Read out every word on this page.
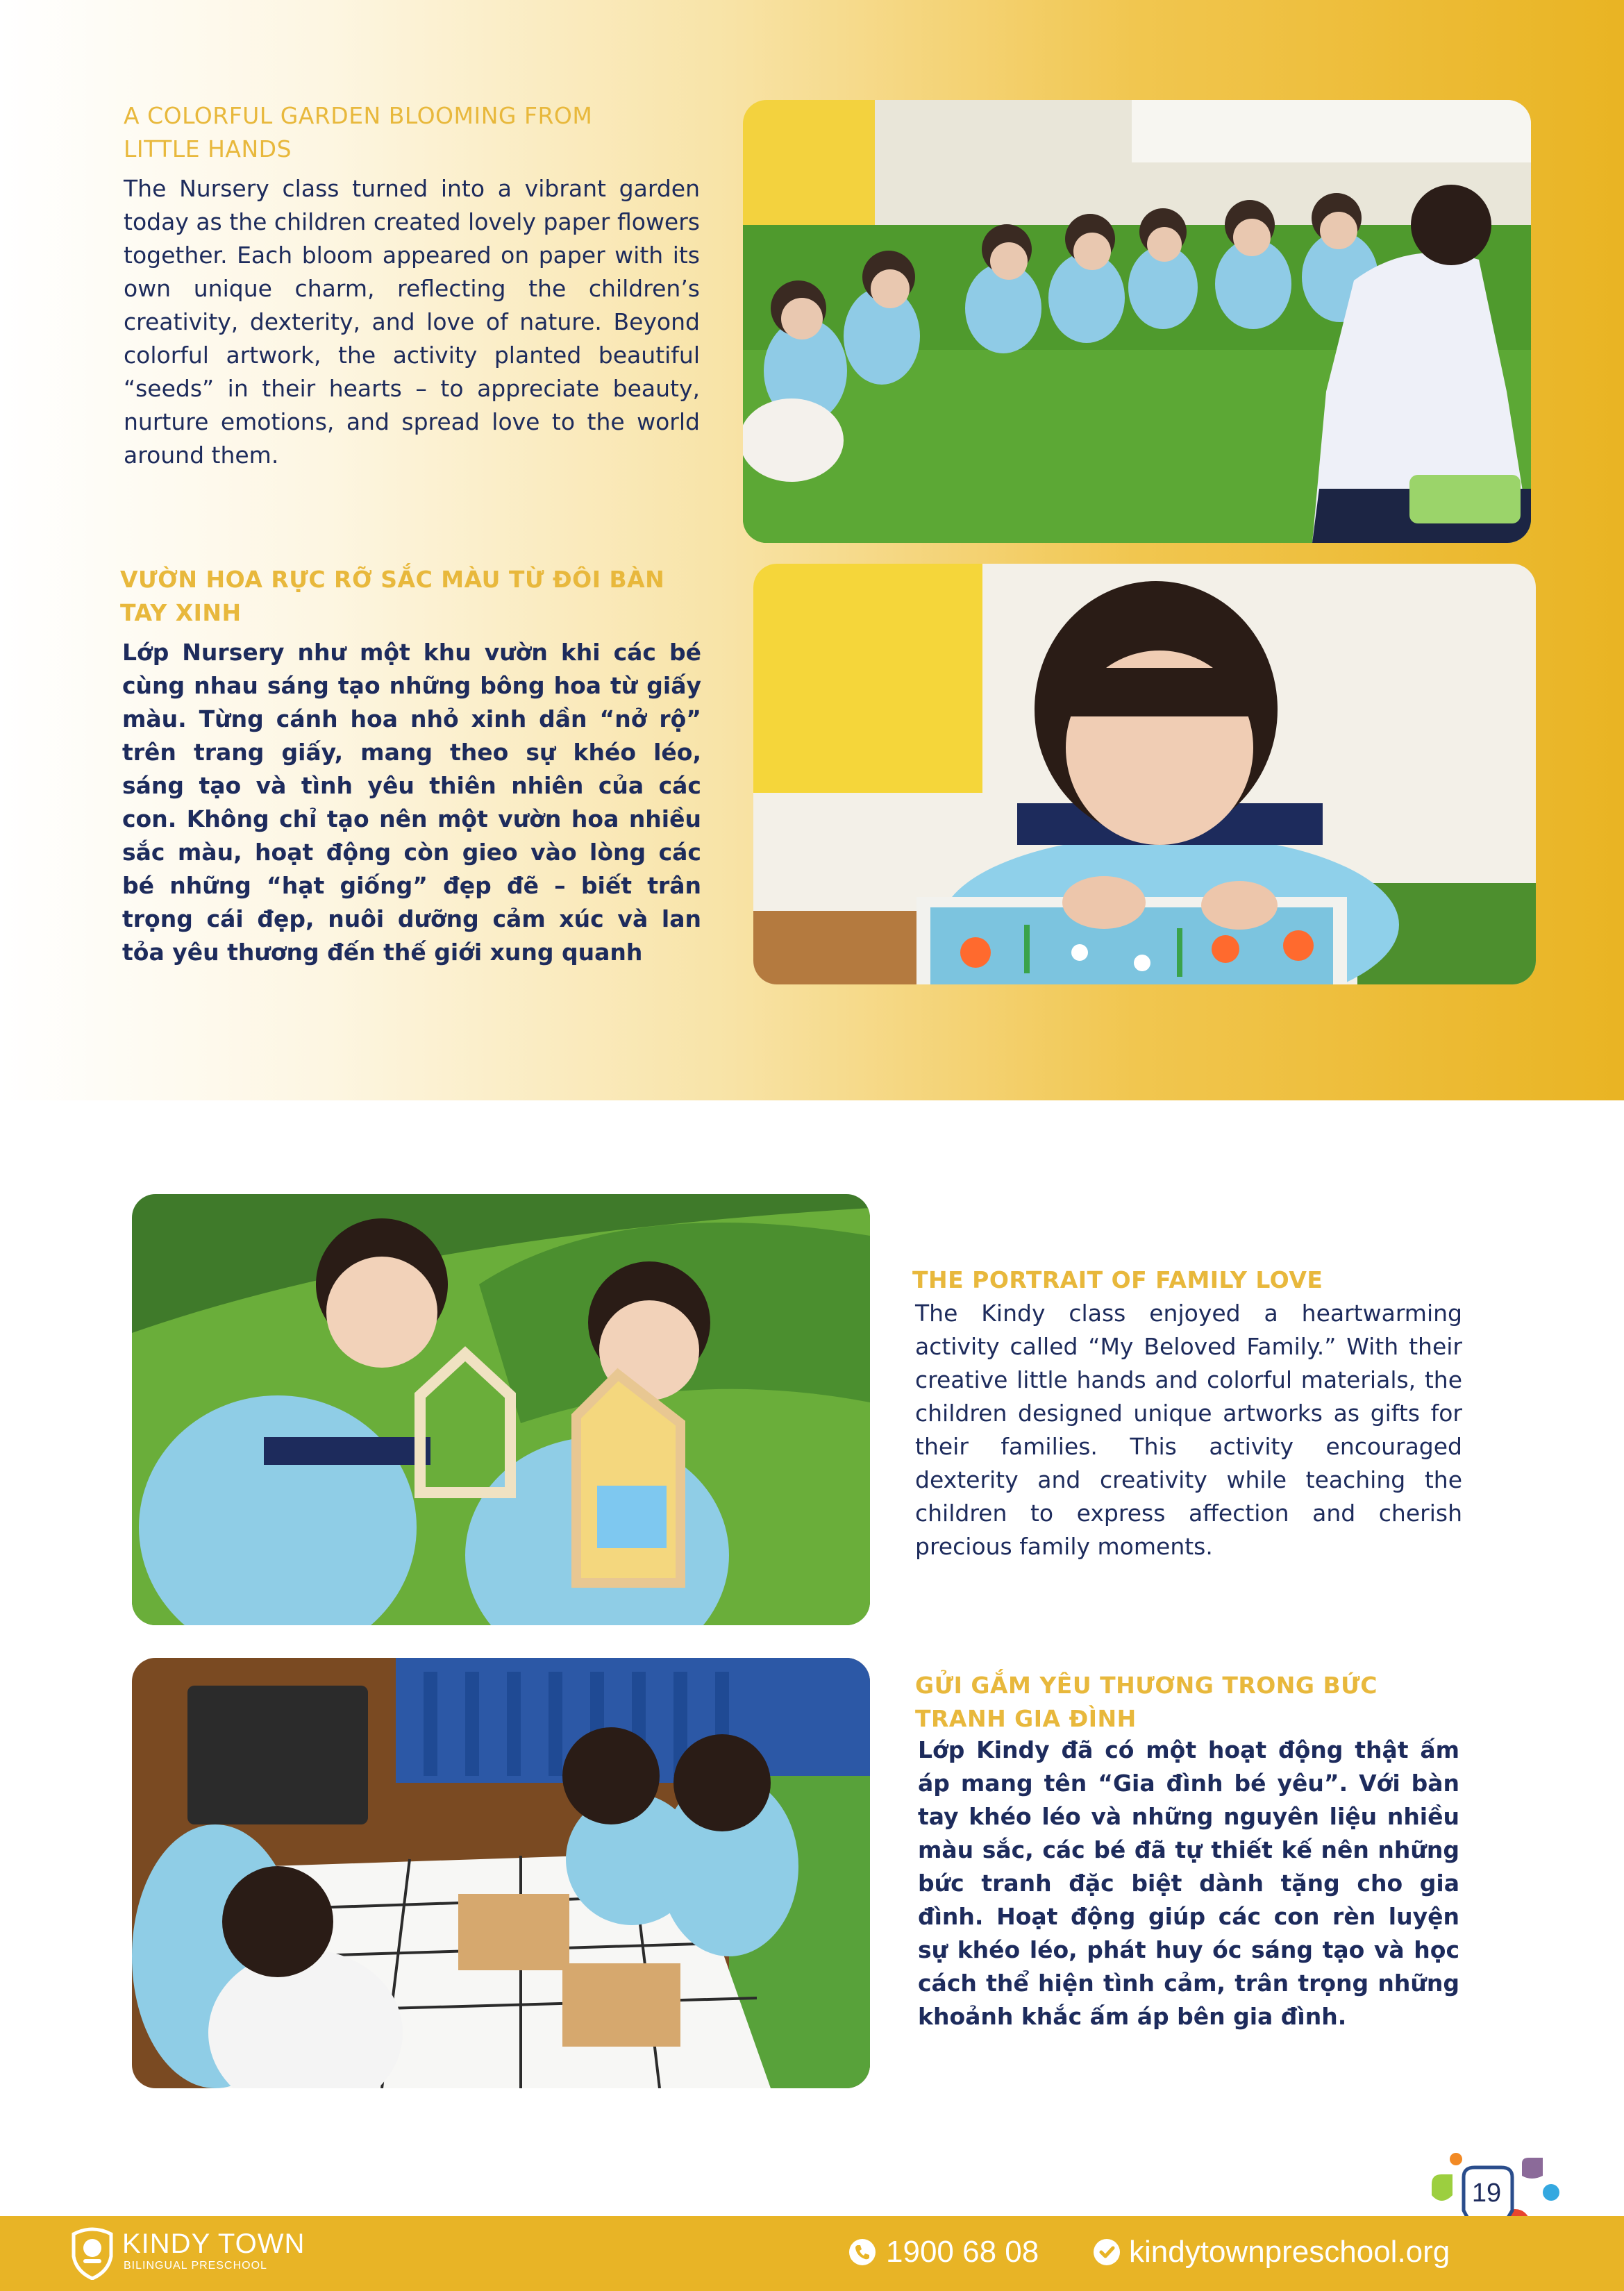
A COLORFUL GARDEN BLOOMING FROM LITTLE HANDS

The Nursery class turned into a vibrant garden today as the children created lovely paper flowers together. Each bloom appeared on paper with its own unique charm, reflecting the children’s creativity, dexterity, and love of nature. Beyond colorful artwork, the activity planted beautiful “seeds” in their hearts – to appreciate beauty, nurture emotions, and spread love to the world around them.

VƯỜN HOA RỰC RỠ SẮC MÀU TỪ ĐÔI BÀN TAY XINH

Lớp Nursery như một khu vườn khi các bé cùng nhau sáng tạo những bông hoa từ giấy màu. Từng cánh hoa nhỏ xinh dần “nở rộ” trên trang giấy, mang theo sự khéo léo, sáng tạo và tình yêu thiên nhiên của các con. Không chỉ tạo nên một vườn hoa nhiều sắc màu, hoạt động còn gieo vào lòng các bé những “hạt giống” đẹp đẽ – biết trân trọng cái đẹp, nuôi dưỡng cảm xúc và lan tỏa yêu thương đến thế giới xung quanh

THE PORTRAIT OF FAMILY LOVE

The Kindy class enjoyed a heartwarming activity called “My Beloved Family.” With their creative little hands and colorful materials, the children designed unique artworks as gifts for their families. This activity encouraged dexterity and creativity while teaching the children to express affection and cherish precious family moments.

GỬI GẮM YÊU THƯƠNG TRONG BỨC TRANH GIA ĐÌNH

Lớp Kindy đã có một hoạt động thật ấm áp mang tên “Gia đình bé yêu”. Với bàn tay khéo léo và những nguyên liệu nhiều màu sắc, các bé đã tự thiết kế nên những bức tranh đặc biệt dành tặng cho gia đình. Hoạt động giúp các con rèn luyện sự khéo léo, phát huy óc sáng tạo và học cách thể hiện tình cảm, trân trọng những khoảnh khắc ấm áp bên gia đình.

19

KINDY TOWN

BILINGUAL PRESCHOOL	1900 68 08	kindytownpreschool.org
